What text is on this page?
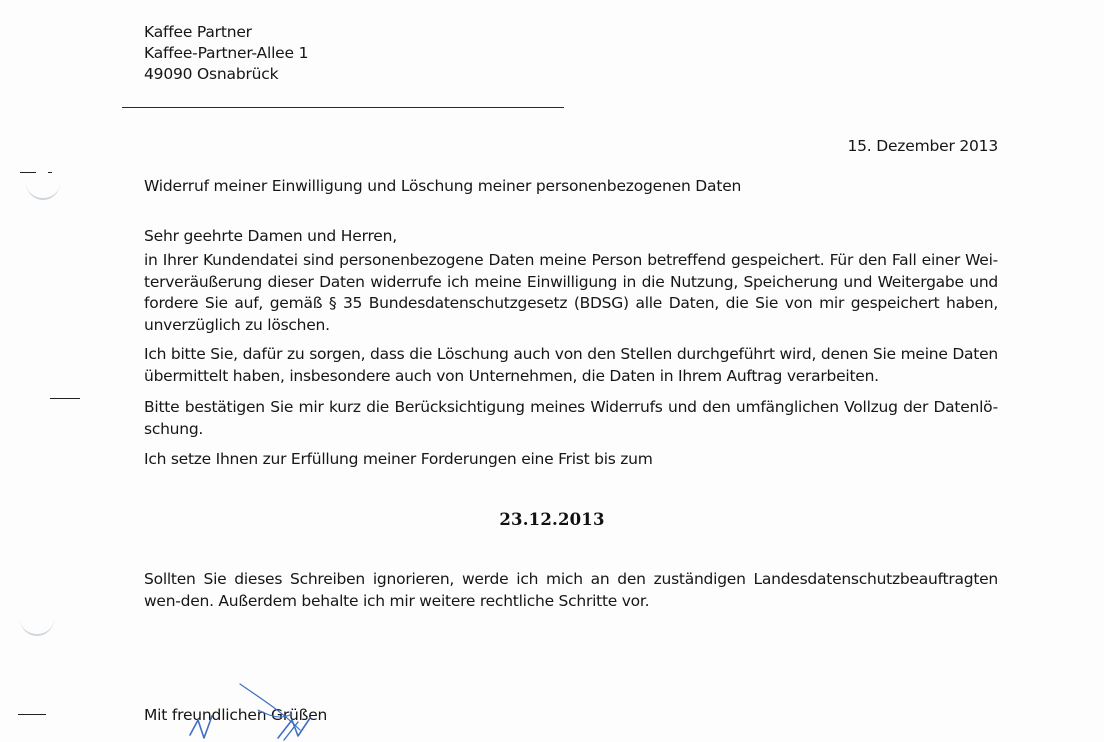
Kaffee Partner
Kaffee-Partner-Allee 1
49090 Osnabrück
15. Dezember 2013
Widerruf meiner Einwilligung und Löschung meiner personenbezogenen Daten
Sehr geehrte Damen und Herren,
in Ihrer Kundendatei sind personenbezogene Daten meine Person betreffend gespeichert. Für den Fall einer Wei-terveräußerung dieser Daten widerrufe ich meine Einwilligung in die Nutzung, Speicherung und Weitergabe und fordere Sie auf, gemäß § 35 Bundesdatenschutzgesetz (BDSG) alle Daten, die Sie von mir gespeichert haben, unverzüglich zu löschen.
Ich bitte Sie, dafür zu sorgen, dass die Löschung auch von den Stellen durchgeführt wird, denen Sie meine Daten übermittelt haben, insbesondere auch von Unternehmen, die Daten in Ihrem Auftrag verarbeiten.
Bitte bestätigen Sie mir kurz die Berücksichtigung meines Widerrufs und den umfänglichen Vollzug der Datenlö-schung.
Ich setze Ihnen zur Erfüllung meiner Forderungen eine Frist bis zum
23.12.2013
Sollten Sie dieses Schreiben ignorieren, werde ich mich an den zuständigen Landesdatenschutzbeauftragten wen-den. Außerdem behalte ich mir weitere rechtliche Schritte vor.
Mit freundlichen Grüßen
